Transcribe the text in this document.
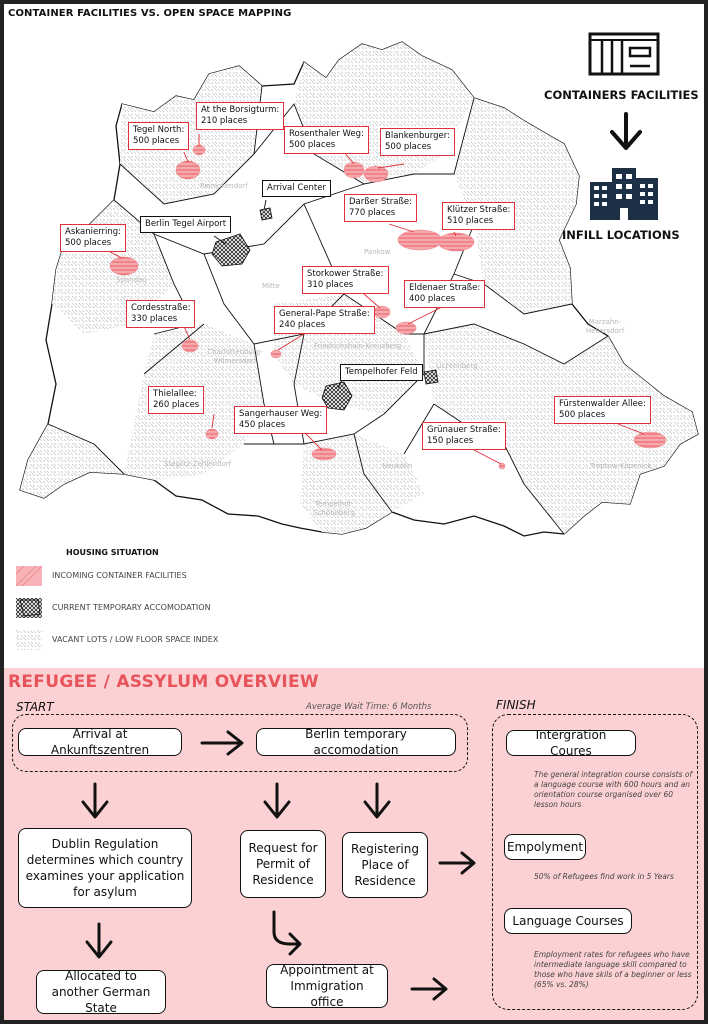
CONTAINER FACILITIES VS. OPEN SPACE MAPPING
Reinickendorf
Pankow
Spandau
Mitte
Charlottenburg-Wilmersdorf
Friedrichshain-Kreuzberg
Lichtenberg
Marzahn-Hellersdorf
Steglitz-Zehlendorf	Neukölln	Treptow-Köpenick
Tempelhof-Schöneberg
At the Borsigturm:
210 places
Tegel North:
500 places
Rosenthaler Weg:
500 places
Blankenburger:
500 places
Darßer Straße:
770 places	Klützer Straße:
510 places
Askanierring:
500 places
Storkower Straße:
310 places	Eldenaer Straße:
400 places
Cordesstraße:
330 places	General-Pape Straße:
240 places
Thielallee:
260 places
Sangerhauser Weg:
450 places	Grünauer Straße:
150 places
Fürstenwalder Allee:
500 places
Arrival Center
Berlin Tegel Airport
Tempelhofer Feld
CONTAINERS FACILITIES
INFILL LOCATIONS
HOUSING SITUATION
INCOMING CONTAINER FACILITIES
CURRENT TEMPORARY ACCOMODATION
VACANT LOTS / LOW FLOOR SPACE INDEX
REFUGEE / ASSYLUM OVERVIEW
START	Average Wait Time: 6 Months	FINISH
Arrival at Ankunftszentren
Berlin temporary accomodation
Dublin Regulation determines which country examines your application for asylum
Request for Permit of Residence
Registering Place of Residence
Allocated to another German State
Appointment at Immigration office
Intergration Coures
The general integration course consists of a language course with 600 hours and an orientation course organised over 60 lesson hours
Empolyment
50% of Refugees find work in 5 Years
Language Courses
Employment rates for refugees who have intermediate language skill compared to those who have skils of a beginner or less (65% vs. 28%)
